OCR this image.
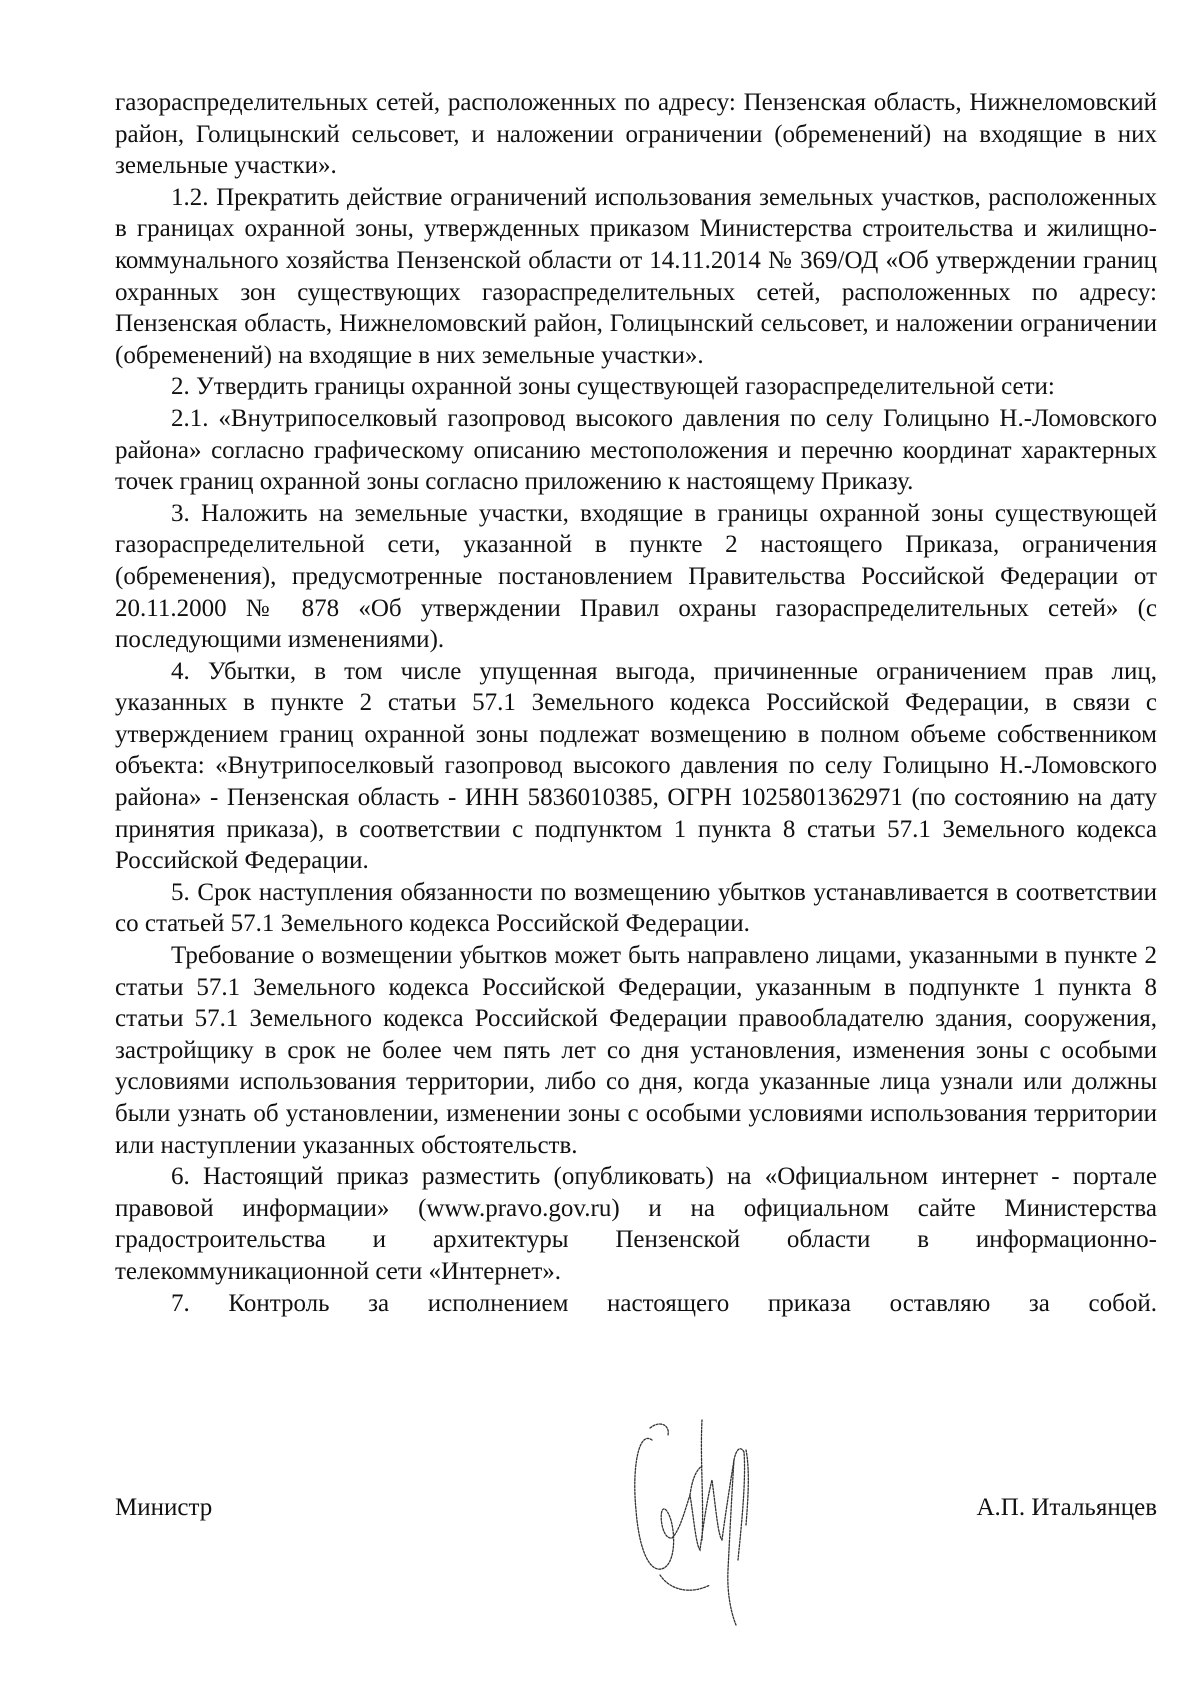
газораспределительных сетей, расположенных по адресу: Пензенская область, Нижнеломовский район, Голицынский сельсовет, и наложении ограничении (обременений) на входящие в них земельные участки».

1.2. Прекратить действие ограничений использования земельных участков, расположенных в границах охранной зоны, утвержденных приказом Министерства строительства и жилищно-коммунального хозяйства Пензенской области от 14.11.2014 № 369/ОД «Об утверждении границ охранных зон существующих газораспределительных сетей, расположенных по адресу: Пензенская область, Нижнеломовский район, Голицынский сельсовет, и наложении ограничении (обременений) на входящие в них земельные участки».

2. Утвердить границы охранной зоны существующей газораспределительной сети:

2.1. «Внутрипоселковый газопровод высокого давления по селу Голицыно Н.-Ломовского района» согласно графическому описанию местоположения и перечню координат характерных точек границ охранной зоны согласно приложению к настоящему Приказу.

3. Наложить на земельные участки, входящие в границы охранной зоны существующей газораспределительной сети, указанной в пункте 2 настоящего Приказа, ограничения (обременения), предусмотренные постановлением Правительства Российской Федерации от 20.11.2000 № 878 «Об утверждении Правил охраны газораспределительных сетей» (с последующими изменениями).

4. Убытки, в том числе упущенная выгода, причиненные ограничением прав лиц, указанных в пункте 2 статьи 57.1 Земельного кодекса Российской Федерации, в связи с утверждением границ охранной зоны подлежат возмещению в полном объеме собственником объекта: «Внутрипоселковый газопровод высокого давления по селу Голицыно Н.-Ломовского района» - Пензенская область - ИНН 5836010385, ОГРН 1025801362971 (по состоянию на дату принятия приказа), в соответствии с подпунктом 1 пункта 8 статьи 57.1 Земельного кодекса Российской Федерации.

5. Срок наступления обязанности по возмещению убытков устанавливается в соответствии со статьей 57.1 Земельного кодекса Российской Федерации.

Требование о возмещении убытков может быть направлено лицами, указанными в пункте 2 статьи 57.1 Земельного кодекса Российской Федерации, указанным в подпункте 1 пункта 8 статьи 57.1 Земельного кодекса Российской Федерации правообладателю здания, сооружения, застройщику в срок не более чем пять лет со дня установления, изменения зоны с особыми условиями использования территории, либо со дня, когда указанные лица узнали или должны были узнать об установлении, изменении зоны с особыми условиями использования территории или наступлении указанных обстоятельств.

6. Настоящий приказ разместить (опубликовать) на «Официальном интернет - портале правовой информации» (www.pravo.gov.ru) и на официальном сайте Министерства градостроительства и архитектуры Пензенской области в информационно-телекоммуникационной сети «Интернет».

7. Контроль за исполнением настоящего приказа оставляю за собой.

Министр	А.П. Итальянцев
